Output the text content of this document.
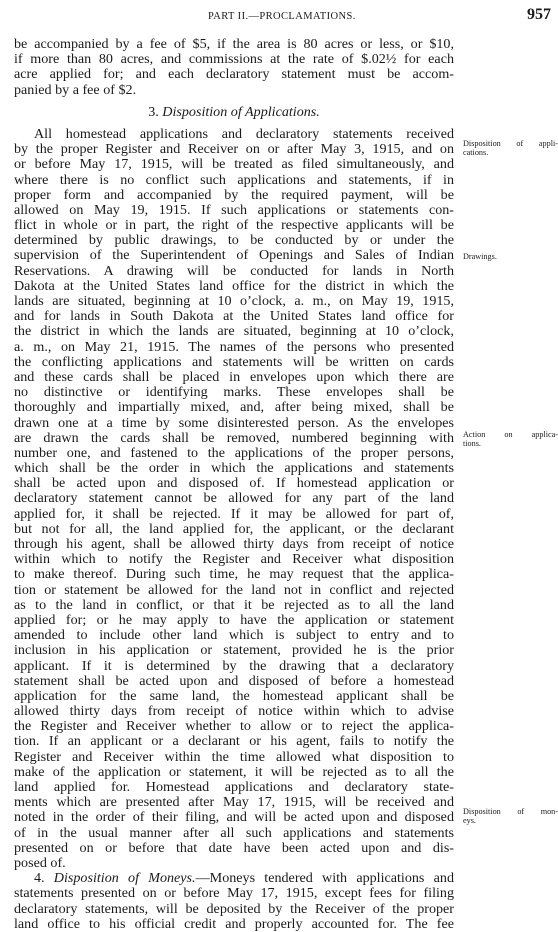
PART II.—PROCLAMATIONS.	957
be accompanied by a fee of $5, if the area is 80 acres or less, or $10,
if more than 80 acres, and commissions at the rate of $.02½ for each
acre applied for; and each declaratory statement must be accom-
panied by a fee of $2.
3. Disposition of Applications.
All homestead applications and declaratory statements received
by the proper Register and Receiver on or after May 3, 1915, and on
or before May 17, 1915, will be treated as filed simultaneously, and
where there is no conflict such applications and statements, if in
proper form and accompanied by the required payment, will be
allowed on May 19, 1915. If such applications or statements con-
flict in whole or in part, the right of the respective applicants will be
determined by public drawings, to be conducted by or under the
supervision of the Superintendent of Openings and Sales of Indian
Reservations. A drawing will be conducted for lands in North
Dakota at the United States land office for the district in which the
lands are situated, beginning at 10 o’clock, a. m., on May 19, 1915,
and for lands in South Dakota at the United States land office for
the district in which the lands are situated, beginning at 10 o’clock,
a. m., on May 21, 1915. The names of the persons who presented
the conflicting applications and statements will be written on cards
and these cards shall be placed in envelopes upon which there are
no distinctive or identifying marks. These envelopes shall be
thoroughly and impartially mixed, and, after being mixed, shall be
drawn one at a time by some disinterested person. As the envelopes
are drawn the cards shall be removed, numbered beginning with
number one, and fastened to the applications of the proper persons,
which shall be the order in which the applications and statements
shall be acted upon and disposed of. If homestead application or
declaratory statement cannot be allowed for any part of the land
applied for, it shall be rejected. If it may be allowed for part of,
but not for all, the land applied for, the applicant, or the declarant
through his agent, shall be allowed thirty days from receipt of notice
within which to notify the Register and Receiver what disposition
to make thereof. During such time, he may request that the applica-
tion or statement be allowed for the land not in conflict and rejected
as to the land in conflict, or that it be rejected as to all the land
applied for; or he may apply to have the application or statement
amended to include other land which is subject to entry and to
inclusion in his application or statement, provided he is the prior
applicant. If it is determined by the drawing that a declaratory
statement shall be acted upon and disposed of before a homestead
application for the same land, the homestead applicant shall be
allowed thirty days from receipt of notice within which to advise
the Register and Receiver whether to allow or to reject the applica-
tion. If an applicant or a declarant or his agent, fails to notify the
Register and Receiver within the time allowed what disposition to
make of the application or statement, it will be rejected as to all the
land applied for. Homestead applications and declaratory state-
ments which are presented after May 17, 1915, will be received and
noted in the order of their filing, and will be acted upon and disposed
of in the usual manner after all such applications and statements
presented on or before that date have been acted upon and dis-
posed of.
4. Disposition of Moneys.—Moneys tendered with applications and
statements presented on or before May 17, 1915, except fees for filing
declaratory statements, will be deposited by the Receiver of the proper
land office to his official credit and properly accounted for. The fee
Disposition of appli-
cations.
Drawings.
Action on applica-
tions.
Disposition of mon-
eys.
